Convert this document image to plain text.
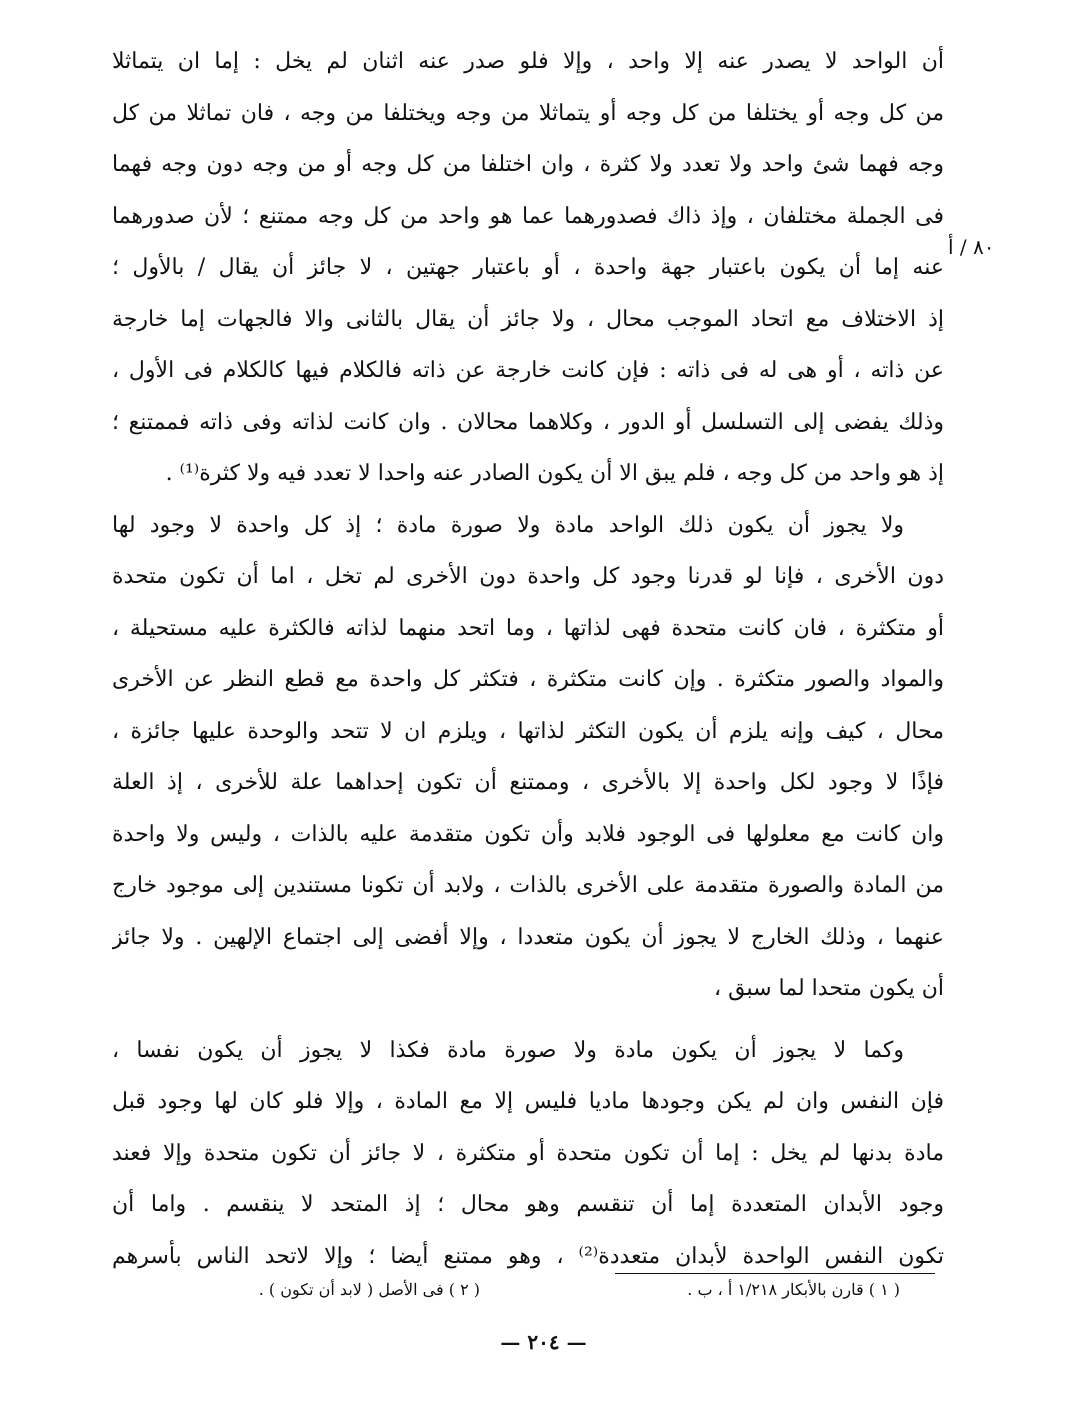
٨٠ / أ
أن الواحد لا يصدر عنه إلا واحد ، وإلا فلو صدر عنه اثنان لم يخل : إما ان يتماثلا
من كل وجه أو يختلفا من كل وجه أو يتماثلا من وجه ويختلفا من وجه ، فان تماثلا من كل
وجه فهما شئ واحد ولا تعدد ولا كثرة ، وان اختلفا من كل وجه أو من وجه دون وجه فهما
فى الجملة مختلفان ، وإذ ذاك فصدورهما عما هو واحد من كل وجه ممتنع ؛ لأن صدورهما
عنه إما أن يكون باعتبار جهة واحدة ، أو باعتبار جهتين ، لا جائز أن يقال / بالأول ؛
إذ الاختلاف مع اتحاد الموجب محال ، ولا جائز أن يقال بالثانى والا فالجهات إما خارجة
عن ذاته ، أو هى له فى ذاته : فإن كانت خارجة عن ذاته فالكلام فيها كالكلام فى الأول ،
وذلك يفضى إلى التسلسل أو الدور ، وكلاهما محالان . وان كانت لذاته وفى ذاته فممتنع ؛
إذ هو واحد من كل وجه ، فلم يبق الا أن يكون الصادر عنه واحدا لا تعدد فيه ولا كثرة⁽¹⁾ .
ولا يجوز أن يكون ذلك الواحد مادة ولا صورة مادة ؛ إذ كل واحدة لا وجود لها
دون الأخرى ، فإنا لو قدرنا وجود كل واحدة دون الأخرى لم تخل ، اما أن تكون متحدة
أو متكثرة ، فان كانت متحدة فهى لذاتها ، وما اتحد منهما لذاته فالكثرة عليه مستحيلة ،
والمواد والصور متكثرة . وإن كانت متكثرة ، فتكثر كل واحدة مع قطع النظر عن الأخرى
محال ، كيف وإنه يلزم أن يكون التكثر لذاتها ، ويلزم ان لا تتحد والوحدة عليها جائزة ،
فإذًا لا وجود لكل واحدة إلا بالأخرى ، وممتنع أن تكون إحداهما علة للأخرى ، إذ العلة
وان كانت مع معلولها فى الوجود فلابد وأن تكون متقدمة عليه بالذات ، وليس ولا واحدة
من المادة والصورة متقدمة على الأخرى بالذات ، ولابد أن تكونا مستندين إلى موجود خارج
عنهما ، وذلك الخارج لا يجوز أن يكون متعددا ، وإلا أفضى إلى اجتماع الإلهين . ولا جائز
أن يكون متحدا لما سبق ،
وكما لا يجوز أن يكون مادة ولا صورة مادة فكذا لا يجوز أن يكون نفسا ،
فإن النفس وان لم يكن وجودها ماديا فليس إلا مع المادة ، وإلا فلو كان لها وجود قبل
مادة بدنها لم يخل : إما أن تكون متحدة أو متكثرة ، لا جائز أن تكون متحدة وإلا فعند
وجود الأبدان المتعددة إما أن تنقسم وهو محال ؛ إذ المتحد لا ينقسم . واما أن
تكون النفس الواحدة لأبدان متعددة⁽²⁾ ، وهو ممتنع أيضا ؛ وإلا لاتحد الناس بأسرهم
( ١ ) قارن بالأبكار ١/٢١٨ أ ، ب .
( ٢ ) فى الأصل ( لابد أن تكون ) .
— ٢٠٤ —
